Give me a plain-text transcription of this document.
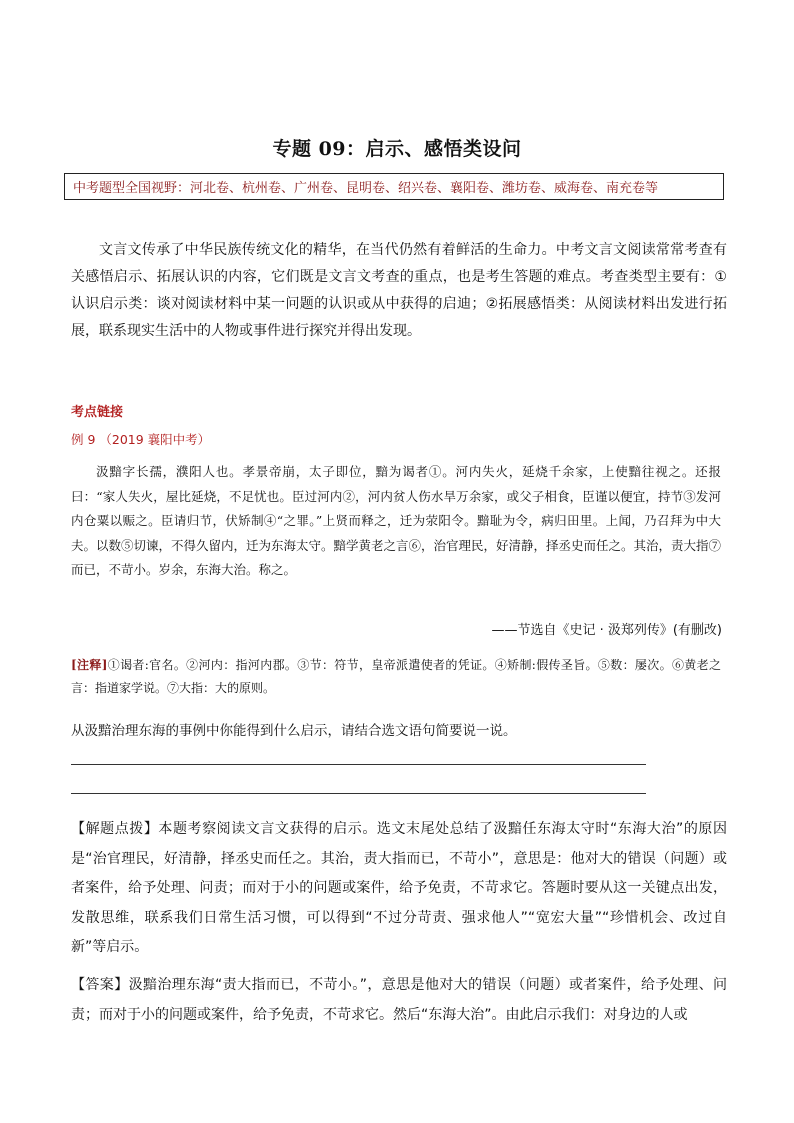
专题 09：启示、感悟类设问
中考题型全国视野：河北卷、杭州卷、广州卷、昆明卷、绍兴卷、襄阳卷、潍坊卷、威海卷、南充卷等
文言文传承了中华民族传统文化的精华，在当代仍然有着鲜活的生命力。中考文言文阅读常常考查有关感悟启示、拓展认识的内容，它们既是文言文考查的重点，也是考生答题的难点。考查类型主要有：①认识启示类：谈对阅读材料中某一问题的认识或从中获得的启迪；②拓展感悟类：从阅读材料出发进行拓展，联系现实生活中的人物或事件进行探究并得出发现。
考点链接
例 9 （2019 襄阳中考）
汲黯字长孺，濮阳人也。孝景帝崩，太子即位，黯为谒者①。河内失火，延烧千余家，上使黯往视之。还报曰：“家人失火，屋比延烧，不足忧也。臣过河内②，河内贫人伤水旱万余家，或父子相食，臣谨以便宜，持节③发河内仓粟以赈之。臣请归节，伏矫制④“之罪。”上贤而释之，迁为荥阳令。黯耻为令，病归田里。上闻，乃召拜为中大夫。以数⑤切谏，不得久留内，迁为东海太守。黯学黄老之言⑥，治官理民，好清静，择丞史而任之。其治，责大指⑦而已，不苛小。岁余，东海大治。称之。
——节选自《史记 · 汲郑列传》(有删改)
[注释]①谒者:官名。②河内：指河内郡。③节：符节，皇帝派遣使者的凭证。④矫制:假传圣旨。⑤数：屡次。⑥黄老之言：指道家学说。⑦大指：大的原则。
从汲黯治理东海的事例中你能得到什么启示，请结合选文语句简要说一说。
【解题点拨】本题考察阅读文言文获得的启示。选文末尾处总结了汲黯任东海太守时“东海大治”的原因是“治官理民，好清静，择丞史而任之。其治，责大指而已，不苛小”，意思是：他对大的错误（问题）或者案件，给予处理、问责；而对于小的问题或案件，给予免责，不苛求它。答题时要从这一关键点出发，发散思维，联系我们日常生活习惯，可以得到“不过分苛责、强求他人”“宽宏大量”“珍惜机会、改过自新”等启示。
【答案】汲黯治理东海“责大指而已，不苛小。”，意思是他对大的错误（问题）或者案件，给予处理、问责；而对于小的问题或案件，给予免责，不苛求它。然后“东海大治”。由此启示我们：对身边的人或
